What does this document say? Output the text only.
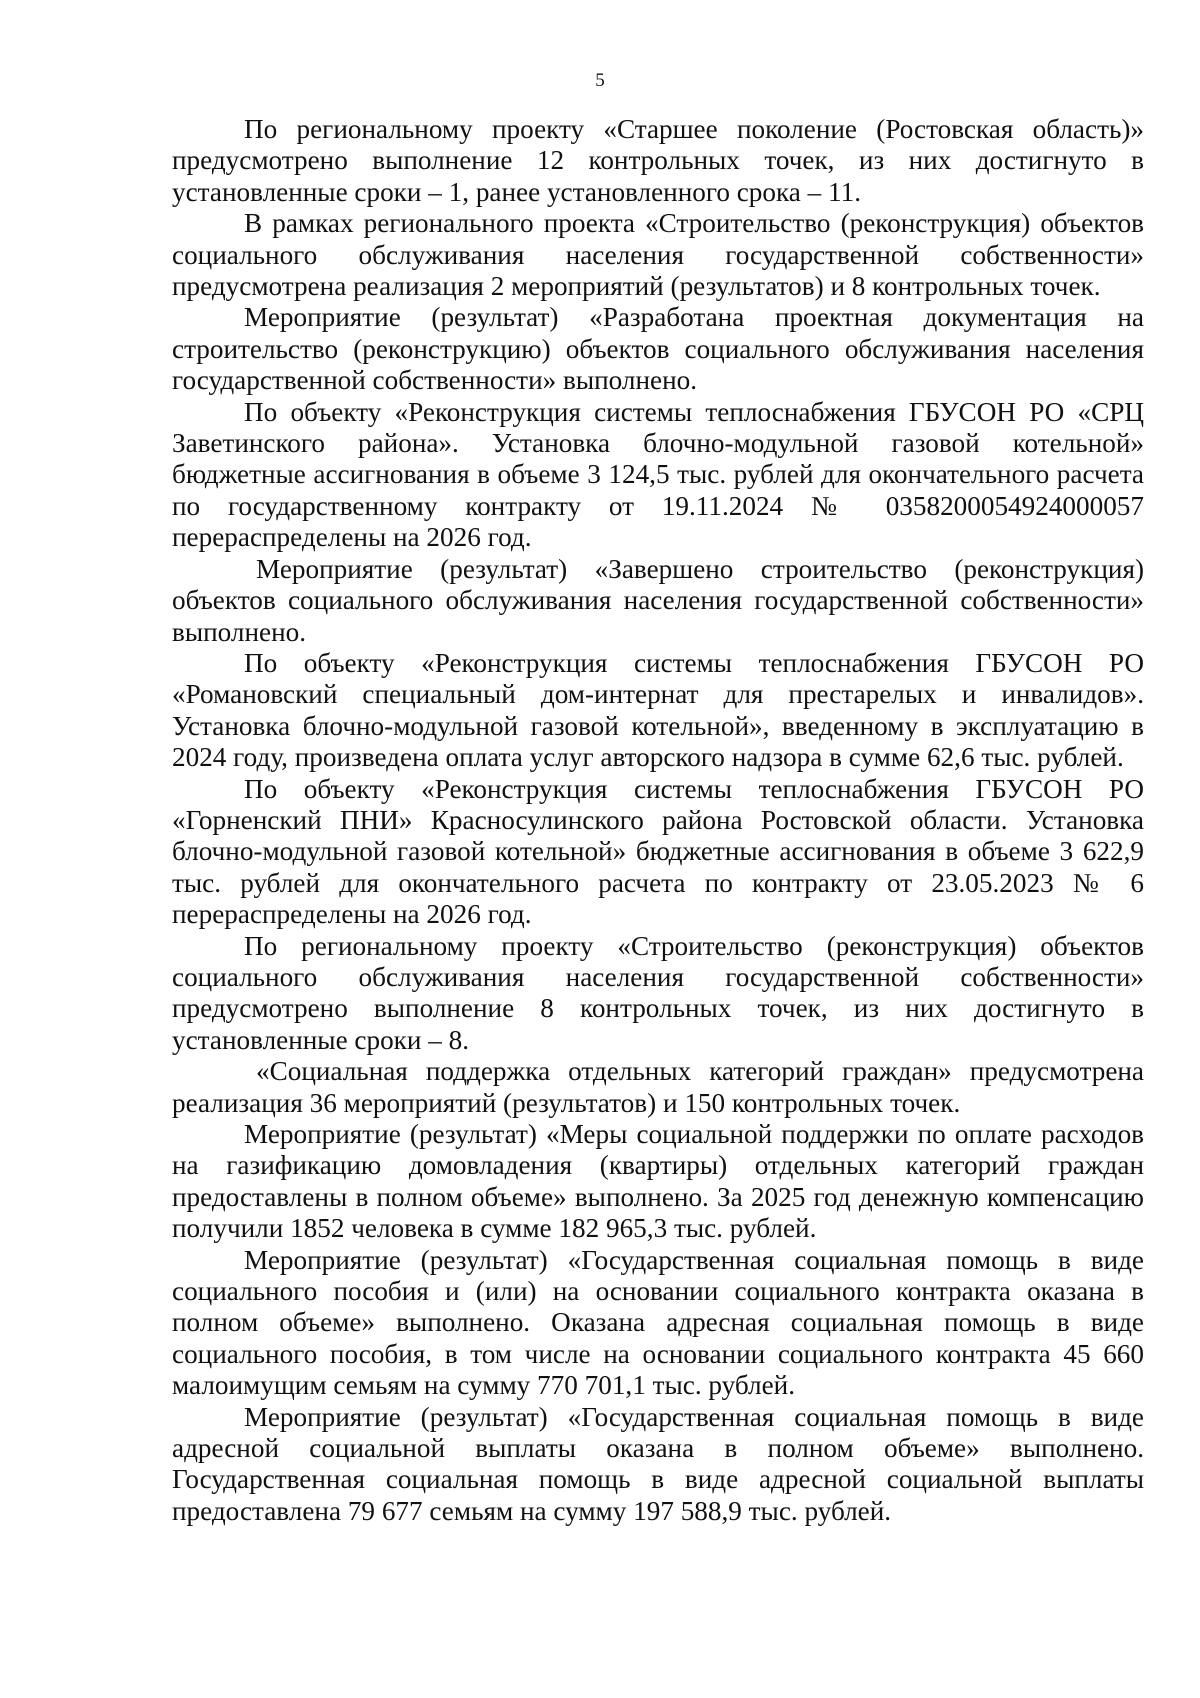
5

По региональному проекту «Старшее поколение (Ростовская область)» предусмотрено выполнение 12 контрольных точек, из них достигнуто в установленные сроки – 1, ранее установленного срока – 11.

В рамках регионального проекта «Строительство (реконструкция) объектов социального обслуживания населения государственной собственности» предусмотрена реализация 2 мероприятий (результатов) и 8 контрольных точек.

Мероприятие (результат) «Разработана проектная документация на строительство (реконструкцию) объектов социального обслуживания населения государственной собственности» выполнено.

По объекту «Реконструкция системы теплоснабжения ГБУСОН РО «СРЦ Заветинского района». Установка блочно-модульной газовой котельной» бюджетные ассигнования в объеме 3 124,5 тыс. рублей для окончательного расчета по государственному контракту от 19.11.2024 № 0358200054924000057 перераспределены на 2026 год.

Мероприятие (результат) «Завершено строительство (реконструкция) объектов социального обслуживания населения государственной собственности» выполнено.

По объекту «Реконструкция системы теплоснабжения ГБУСОН РО «Романовский специальный дом-интернат для престарелых и инвалидов». Установка блочно-модульной газовой котельной», введенному в эксплуатацию в 2024 году, произведена оплата услуг авторского надзора в сумме 62,6 тыс. рублей.

По объекту «Реконструкция системы теплоснабжения ГБУСОН РО «Горненский ПНИ» Красносулинского района Ростовской области. Установка блочно-модульной газовой котельной» бюджетные ассигнования в объеме 3 622,9 тыс. рублей для окончательного расчета по контракту от 23.05.2023 № 6 перераспределены на 2026 год.

По региональному проекту «Строительство (реконструкция) объектов социального обслуживания населения государственной собственности» предусмотрено выполнение 8 контрольных точек, из них достигнуто в установленные сроки – 8.

«Социальная поддержка отдельных категорий граждан» предусмотрена реализация 36 мероприятий (результатов) и 150 контрольных точек.

Мероприятие (результат) «Меры социальной поддержки по оплате расходов на газификацию домовладения (квартиры) отдельных категорий граждан предоставлены в полном объеме» выполнено. За 2025 год денежную компенсацию получили 1852 человека в сумме 182 965,3 тыс. рублей.

Мероприятие (результат) «Государственная социальная помощь в виде социального пособия и (или) на основании социального контракта оказана в полном объеме» выполнено. Оказана адресная социальная помощь в виде социального пособия, в том числе на основании социального контракта 45 660 малоимущим семьям на сумму 770 701,1 тыс. рублей.

Мероприятие (результат) «Государственная социальная помощь в виде адресной социальной выплаты оказана в полном объеме» выполнено. Государственная социальная помощь в виде адресной социальной выплаты предоставлена 79 677 семьям на сумму 197 588,9 тыс. рублей.
